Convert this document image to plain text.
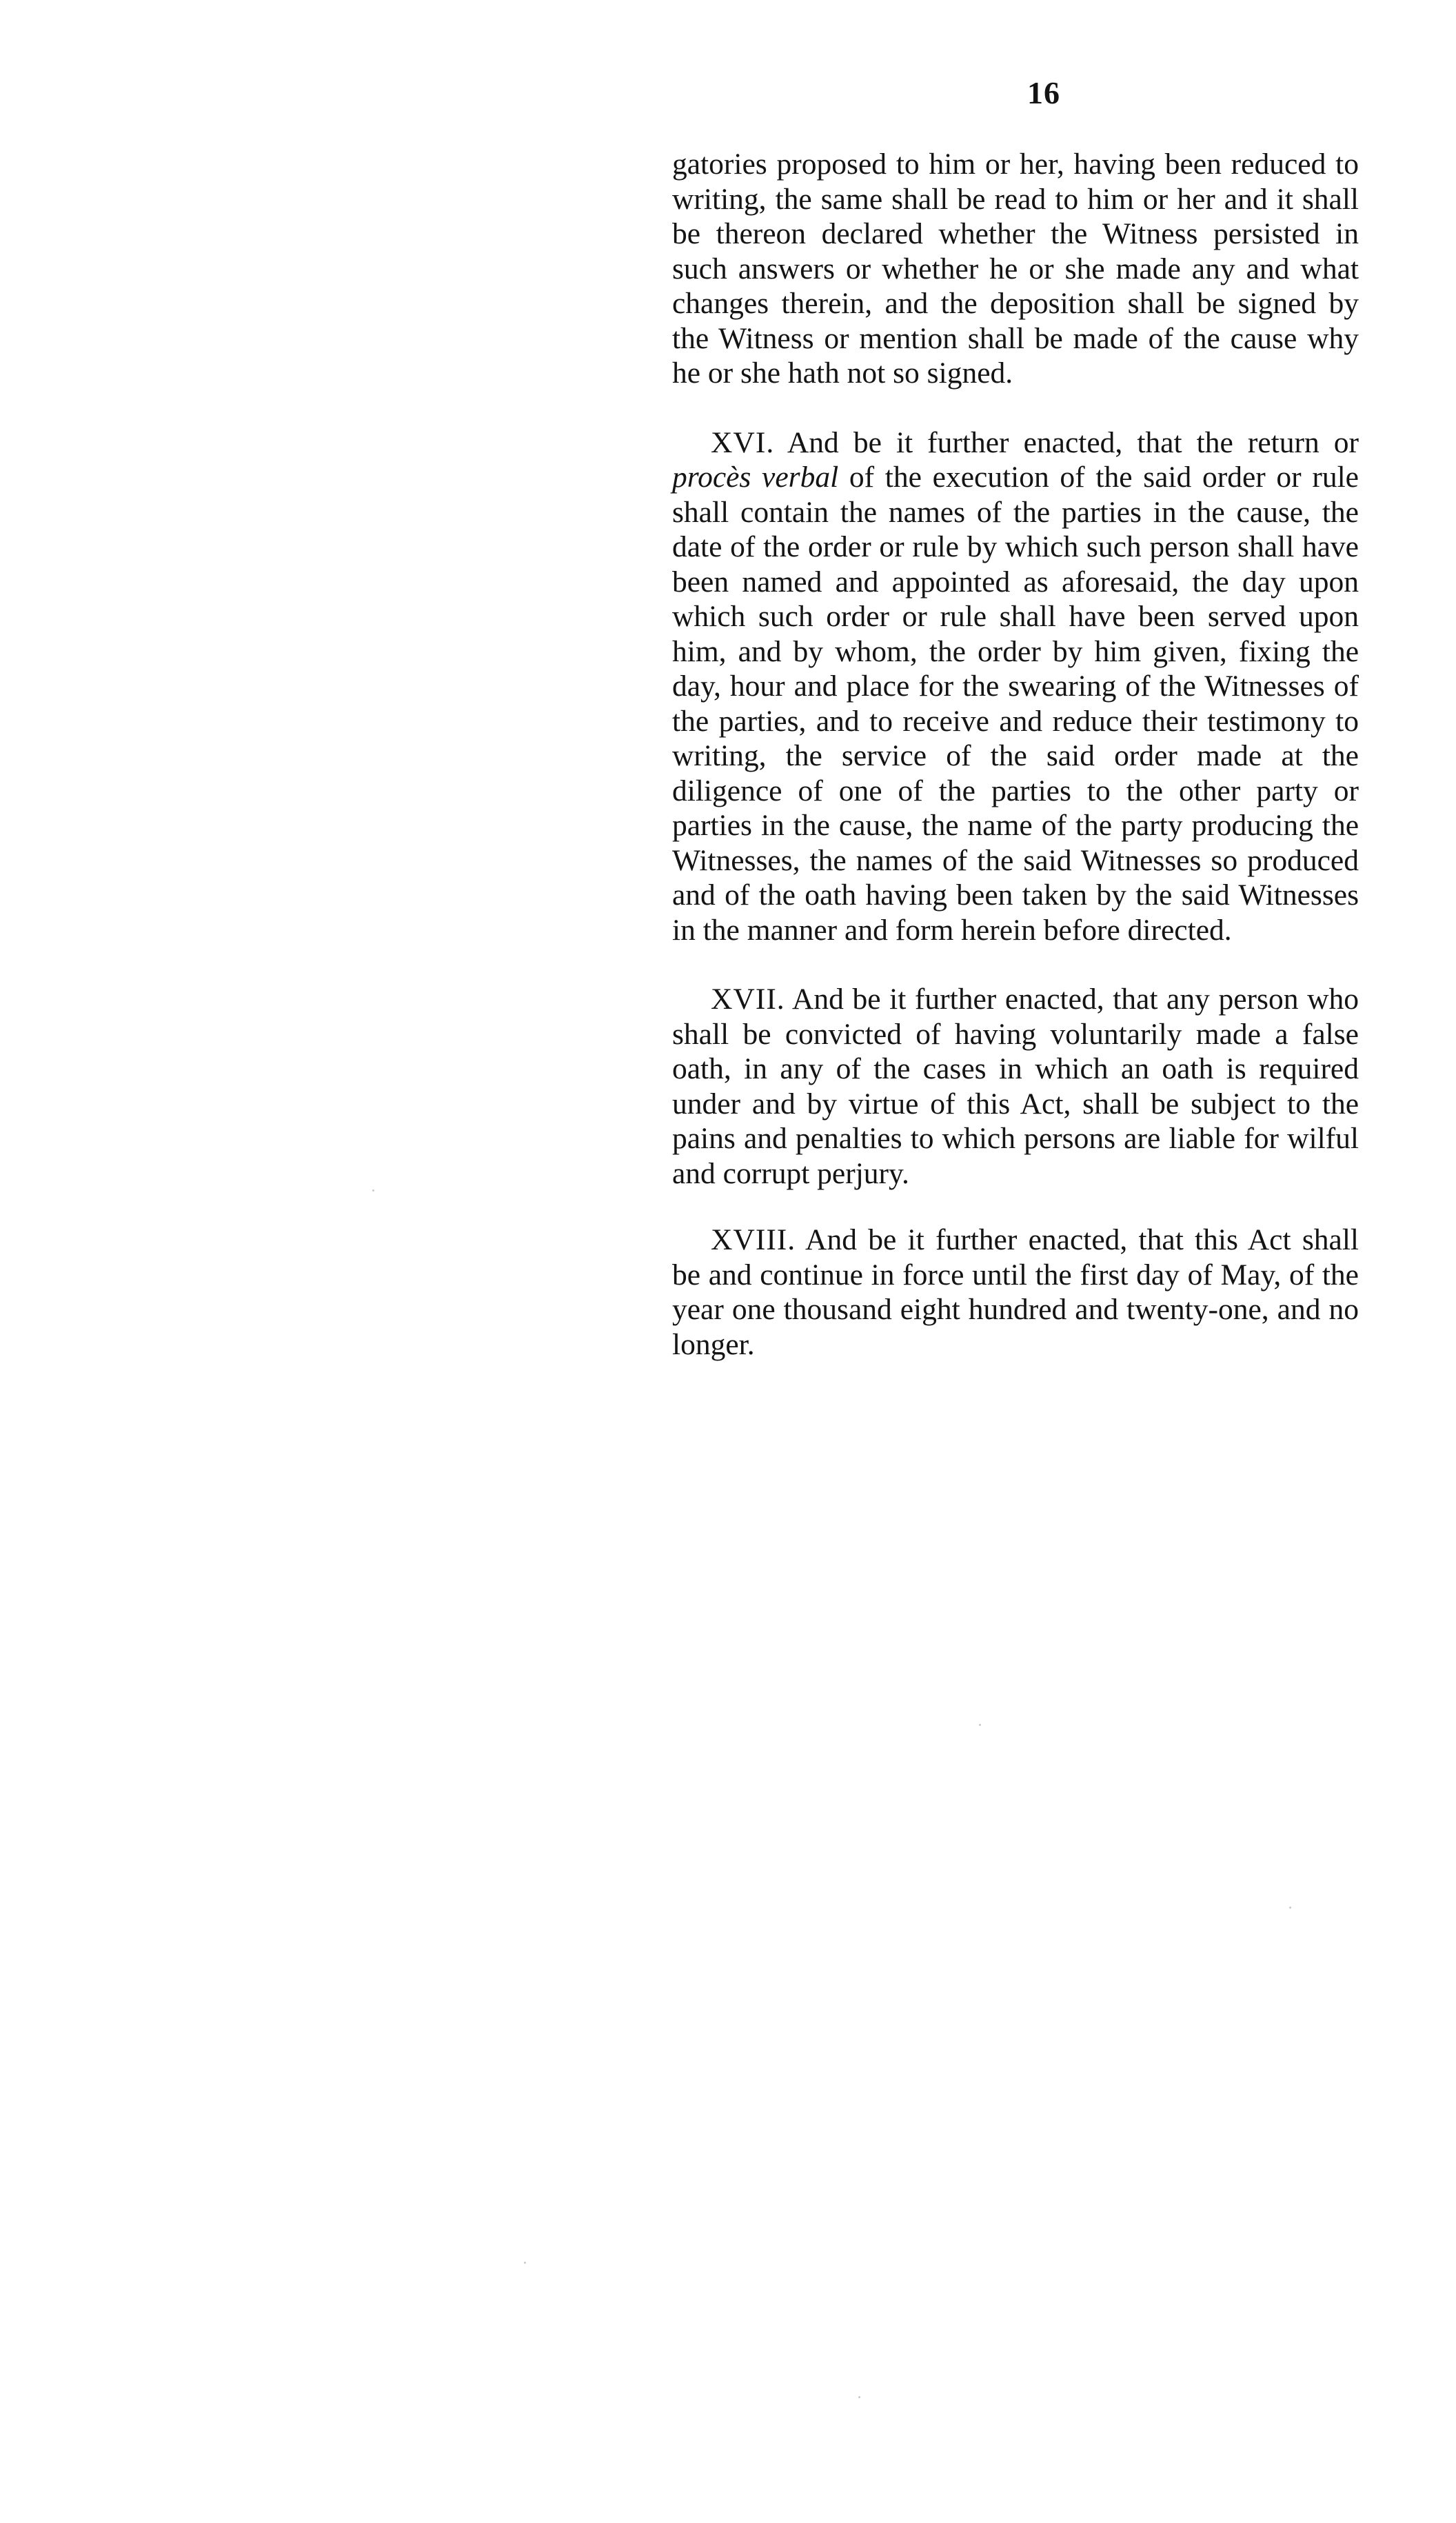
16

gatories proposed to him or her, having been reduced to writing, the same shall be read to him or her and it shall be thereon declared whether the Witness persisted in such answers or whether he or she made any and what changes therein, and the deposition shall be signed by the Witness or mention shall be made of the cause why he or she hath not so signed.

XVI. And be it further enacted, that the return or procès verbal of the execution of the said order or rule shall contain the names of the parties in the cause, the date of the order or rule by which such person shall have been named and appointed as aforesaid, the day upon which such order or rule shall have been served upon him, and by whom, the order by him given, fixing the day, hour and place for the swearing of the Witnesses of the parties, and to receive and reduce their testimony to writing, the service of the said order made at the diligence of one of the parties to the other party or parties in the cause, the name of the party producing the Witnesses, the names of the said Witnesses so produced and of the oath having been taken by the said Witnesses in the manner and form herein before directed.

XVII. And be it further enacted, that any person who shall be convicted of having voluntarily made a false oath, in any of the cases in which an oath is required under and by virtue of this Act, shall be subject to the pains and penalties to which persons are liable for wilful and corrupt perjury.

XVIII. And be it further enacted, that this Act shall be and continue in force until the first day of May, of the year one thousand eight hundred and twenty-one, and no longer.
